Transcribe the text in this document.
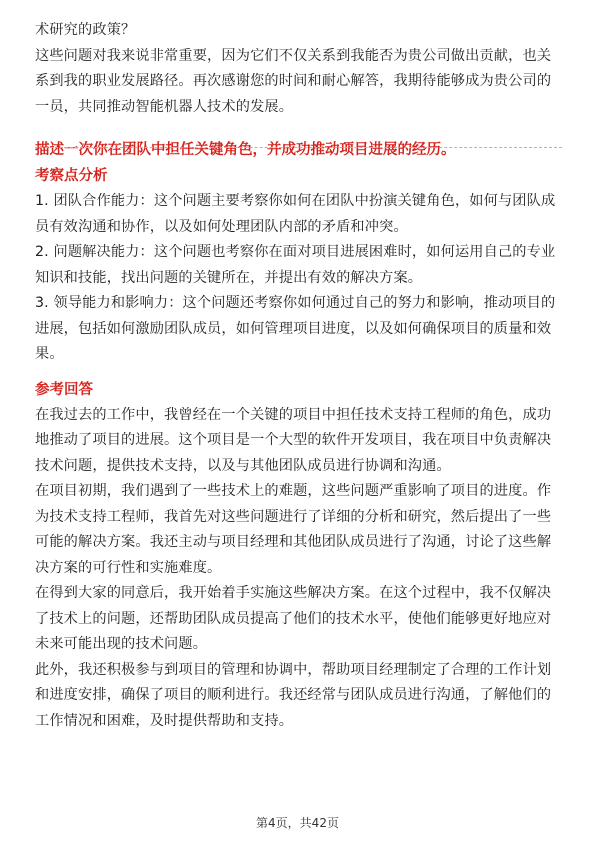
术研究的政策？

这些问题对我来说非常重要，因为它们不仅关系到我能否为贵公司做出贡献，也关系到我的职业发展路径。再次感谢您的时间和耐心解答，我期待能够成为贵公司的一员，共同推动智能机器人技术的发展。

描述一次你在团队中担任关键角色，并成功推动项目进展的经历。
考察点分析

1. 团队合作能力：这个问题主要考察你如何在团队中扮演关键角色，如何与团队成员有效沟通和协作，以及如何处理团队内部的矛盾和冲突。

2. 问题解决能力：这个问题也考察你在面对项目进展困难时，如何运用自己的专业知识和技能，找出问题的关键所在，并提出有效的解决方案。

3. 领导能力和影响力：这个问题还考察你如何通过自己的努力和影响，推动项目的进展，包括如何激励团队成员，如何管理项目进度，以及如何确保项目的质量和效果。

参考回答

在我过去的工作中，我曾经在一个关键的项目中担任技术支持工程师的角色，成功地推动了项目的进展。这个项目是一个大型的软件开发项目，我在项目中负责解决技术问题，提供技术支持，以及与其他团队成员进行协调和沟通。

在项目初期，我们遇到了一些技术上的难题，这些问题严重影响了项目的进度。作为技术支持工程师，我首先对这些问题进行了详细的分析和研究，然后提出了一些可能的解决方案。我还主动与项目经理和其他团队成员进行了沟通，讨论了这些解决方案的可行性和实施难度。

在得到大家的同意后，我开始着手实施这些解决方案。在这个过程中，我不仅解决了技术上的问题，还帮助团队成员提高了他们的技术水平，使他们能够更好地应对未来可能出现的技术问题。

此外，我还积极参与到项目的管理和协调中，帮助项目经理制定了合理的工作计划和进度安排，确保了项目的顺利进行。我还经常与团队成员进行沟通，了解他们的工作情况和困难，及时提供帮助和支持。

第4页，共42页
